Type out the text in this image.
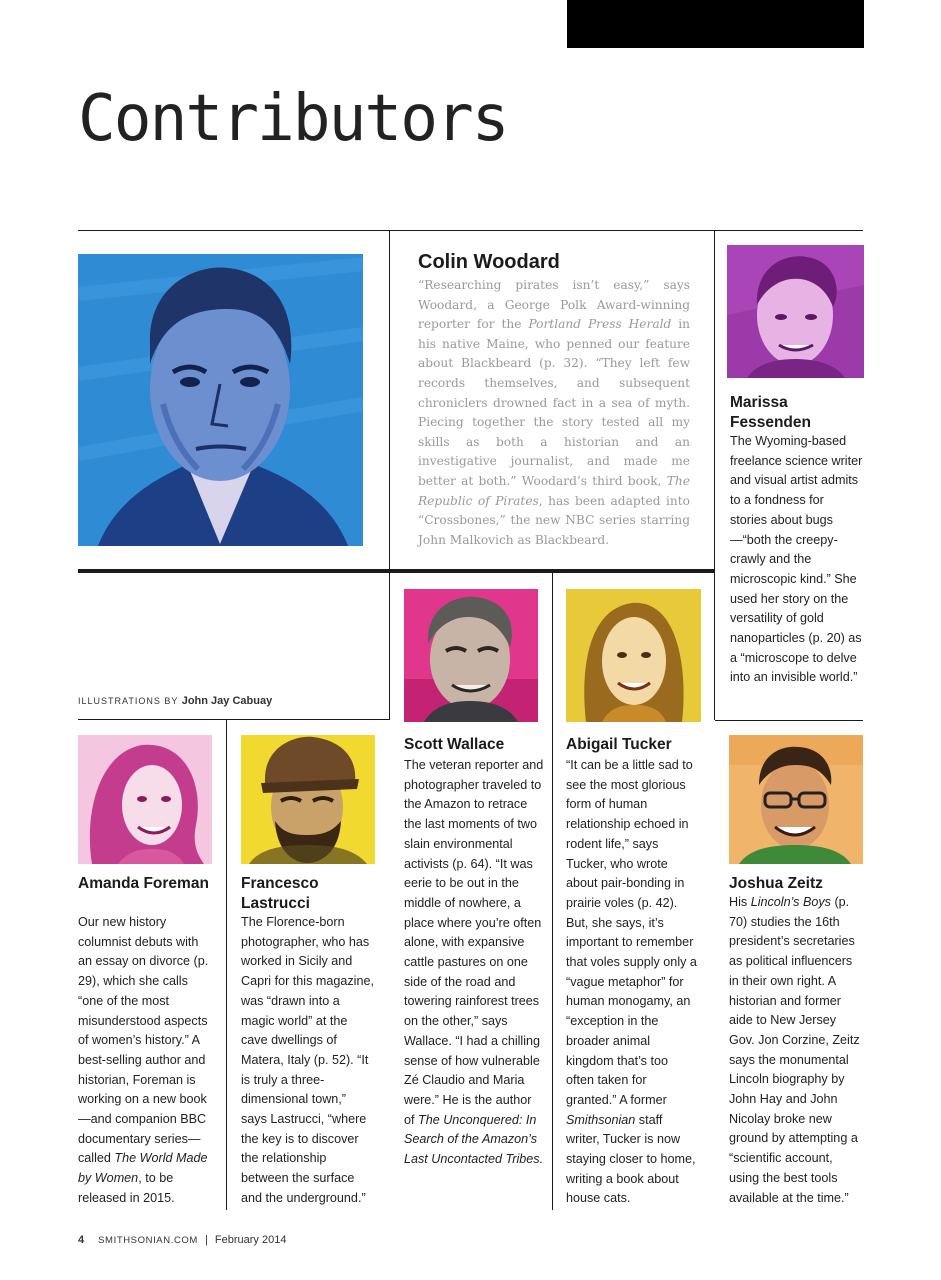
Contributors
Colin Woodard

“Researching pirates isn’t easy,” says Woodard, a George Polk Award-winning reporter for the Portland Press Herald in his native Maine, who penned our feature about Blackbeard (p. 32). “They left few records themselves, and subsequent chroniclers drowned fact in a sea of myth. Piecing together the story tested all my skills as both a historian and an investigative journalist, and made me better at both.” Woodard’s third book, The Republic of Pirates, has been adapted into “Crossbones,” the new NBC series starring John Malkovich as Blackbeard.

Marissa Fessenden

The Wyoming-based freelance science writer and visual artist admits to a fondness for stories about bugs—“both the creepy-crawly and the microscopic kind.” She used her story on the versatility of gold nanoparticles (p. 20) as a “microscope to delve into an invisible world.”

ILLUSTRATIONS BY John Jay Cabuay
Scott Wallace

The veteran reporter and photographer traveled to the Amazon to retrace the last moments of two slain environmental activists (p. 64). “It was eerie to be out in the middle of nowhere, a place where you’re often alone, with expansive cattle pastures on one side of the road and towering rainforest trees on the other,” says Wallace. “I had a chilling sense of how vulnerable Zé Claudio and Maria were.” He is the author of The Unconquered: In Search of the Amazon’s Last Uncontacted Tribes.

Abigail Tucker

“It can be a little sad to see the most glorious form of human relationship echoed in rodent life,” says Tucker, who wrote about pair-bonding in prairie voles (p. 42). But, she says, it’s important to remember that voles supply only a “vague metaphor” for human monogamy, an “exception in the broader animal kingdom that’s too often taken for granted.” A former Smithsonian staff writer, Tucker is now staying closer to home, writing a book about house cats.

Amanda Foreman

Our new history columnist debuts with an essay on divorce (p. 29), which she calls “one of the most misunderstood aspects of women’s history.” A best-selling author and historian, Foreman is working on a new book—and companion BBC documentary series—called The World Made by Women, to be released in 2015.

Francesco Lastrucci

The Florence-born photographer, who has worked in Sicily and Capri for this magazine, was “drawn into a magic world” at the cave dwellings of Matera, Italy (p. 52). “It is truly a three-dimensional town,” says Lastrucci, “where the key is to discover the relationship between the surface and the underground.”

Joshua Zeitz

His Lincoln’s Boys (p. 70) studies the 16th president’s secretaries as political influencers in their own right. A historian and former aide to New Jersey Gov. Jon Corzine, Zeitz says the monumental Lincoln biography by John Hay and John Nicolay broke new ground by attempting a “scientific account, using the best tools available at the time.”

4 SMITHSONIAN.COM | February 2014
